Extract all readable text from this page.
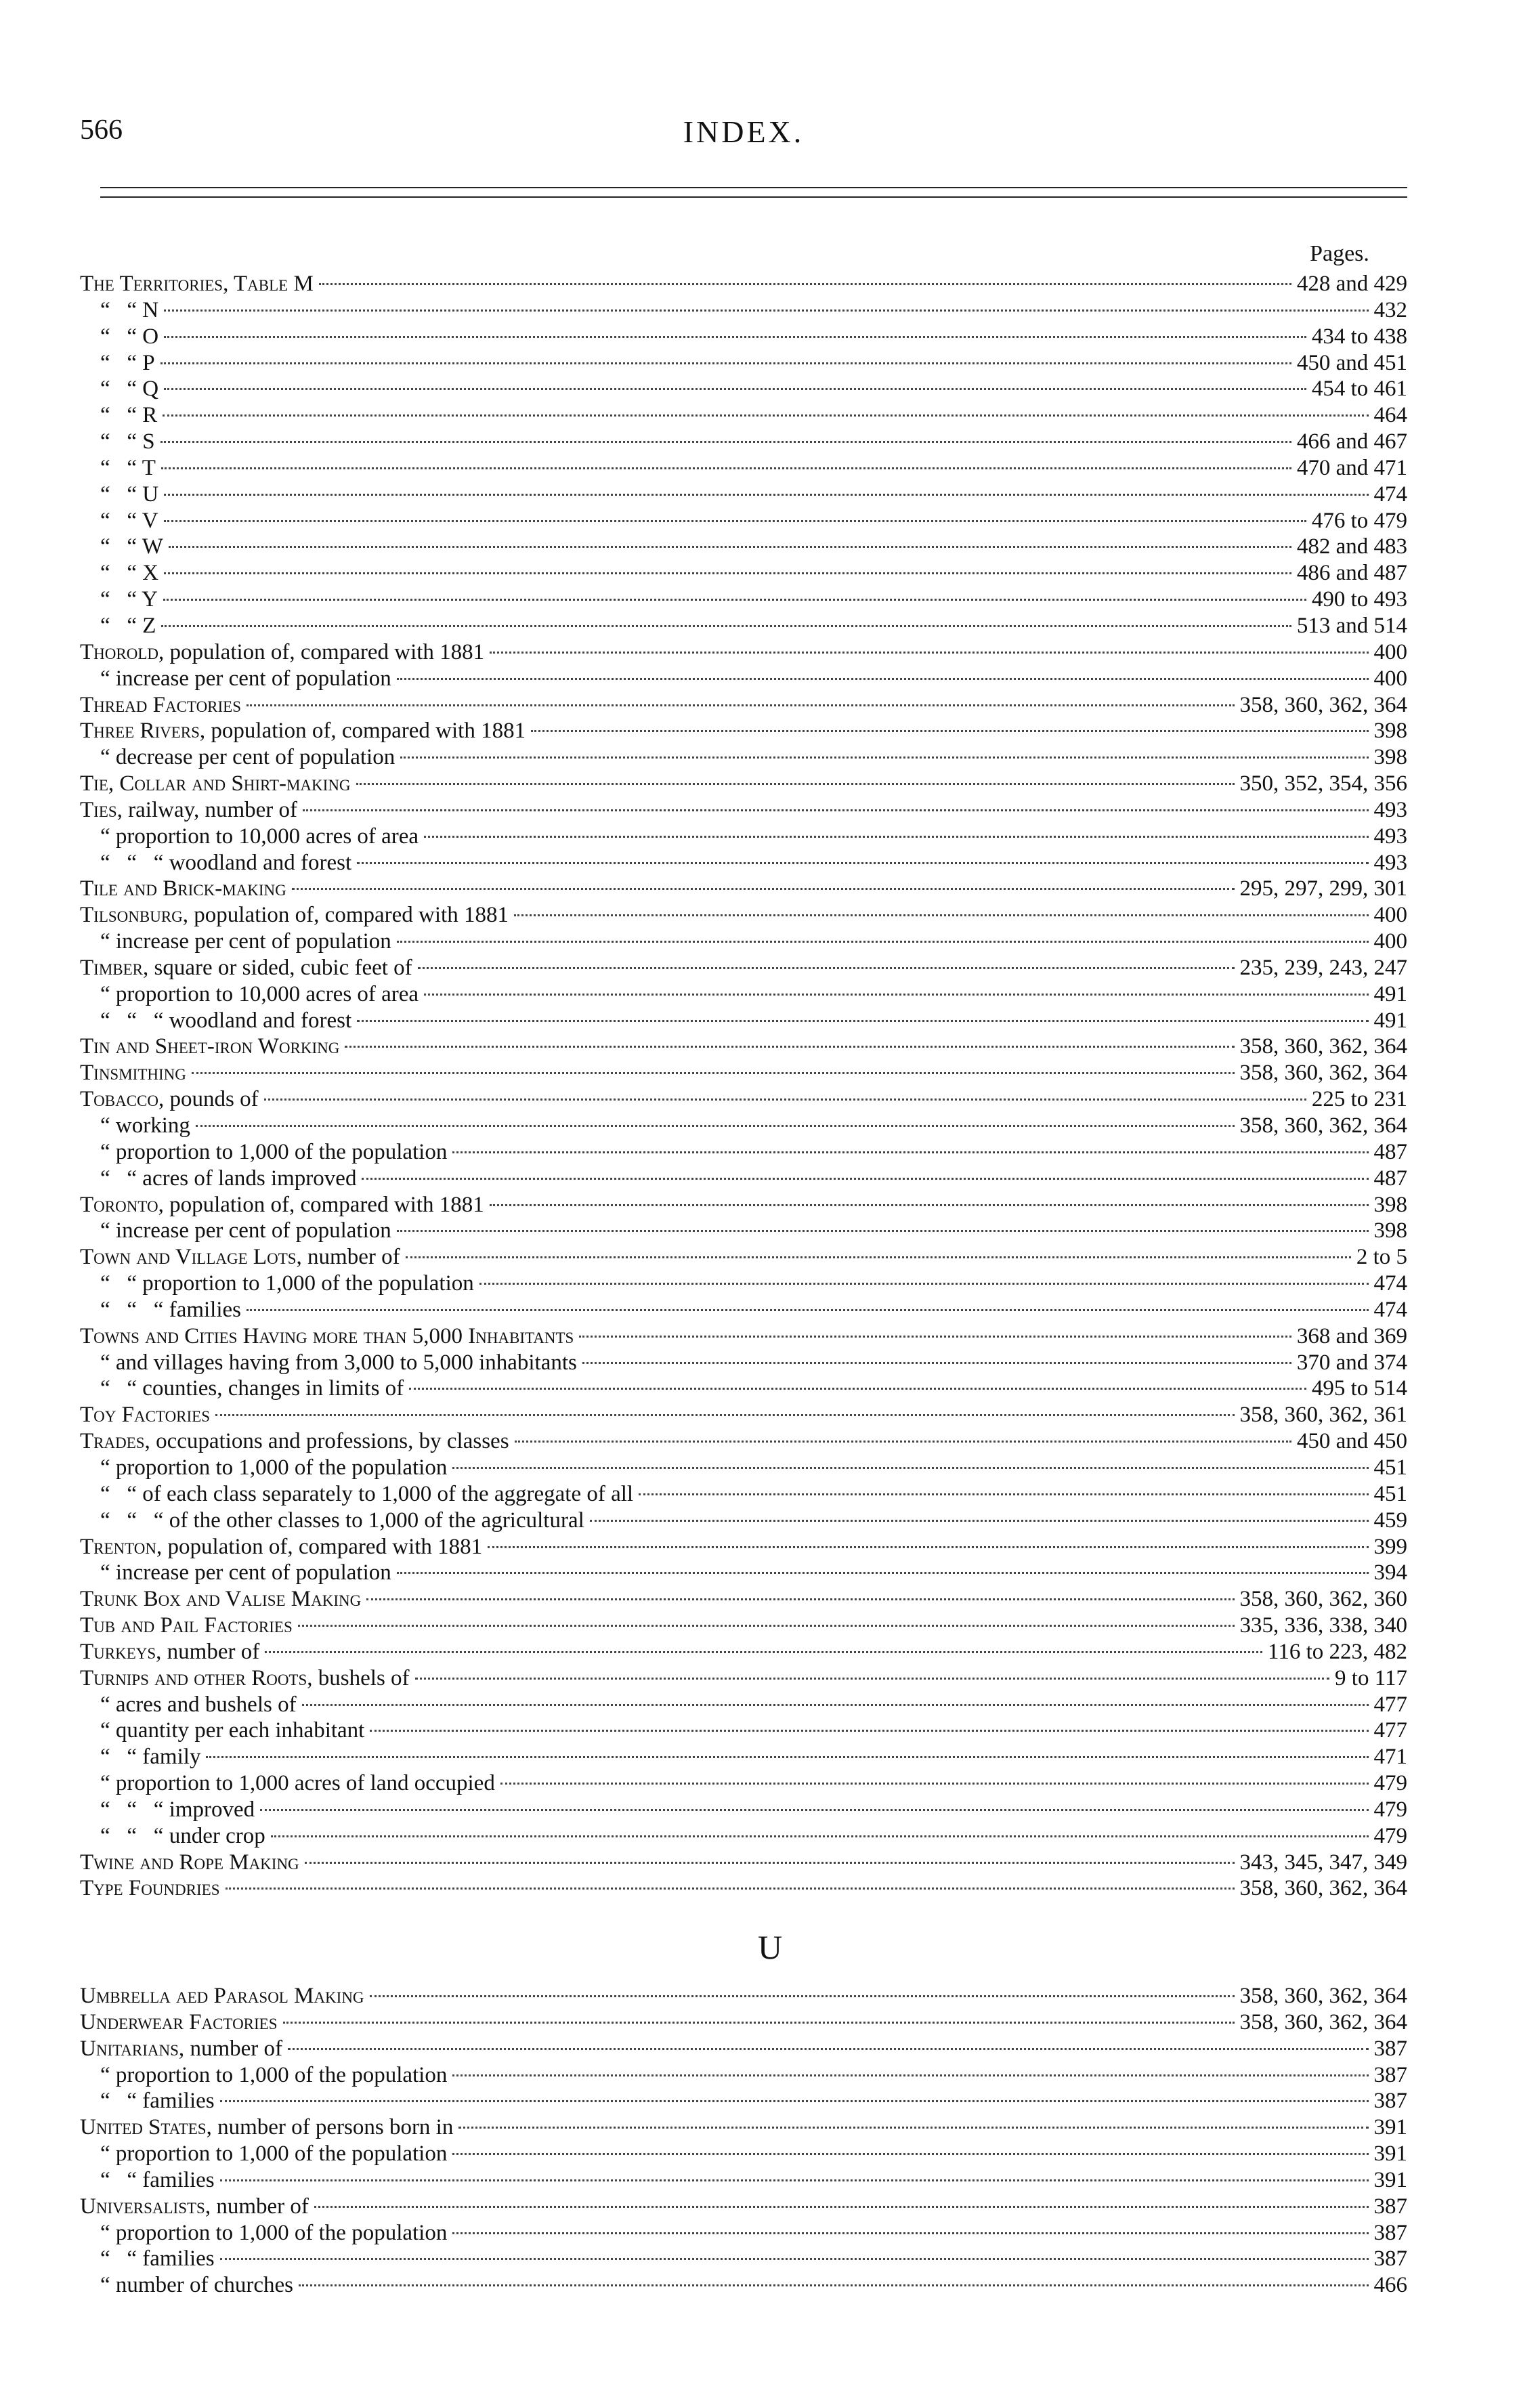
566	INDEX.
Pages.
The Territories, Table M	428 and 429
“   “ N	432
“   “ O	434 to 438
“   “ P	450 and 451
“   “ Q	454 to 461
“   “ R	464
“   “ S	466 and 467
“   “ T	470 and 471
“   “ U	474
“   “ V	476 to 479
“   “ W	482 and 483
“   “ X	486 and 487
“   “ Y	490 to 493
“   “ Z	513 and 514
Thorold, population of, compared with 1881	400
“ increase per cent of population	400
Thread Factories	358, 360, 362, 364
Three Rivers, population of, compared with 1881	398
“ decrease per cent of population	398
Tie, Collar and Shirt-making	350, 352, 354, 356
Ties, railway, number of	493
“ proportion to 10,000 acres of area	493
“   “   “ woodland and forest	493
Tile and Brick-making	295, 297, 299, 301
Tilsonburg, population of, compared with 1881	400
“ increase per cent of population	400
Timber, square or sided, cubic feet of	235, 239, 243, 247
“ proportion to 10,000 acres of area	491
“   “   “ woodland and forest	491
Tin and Sheet-iron Working	358, 360, 362, 364
Tinsmithing	358, 360, 362, 364
Tobacco, pounds of	225 to 231
“ working	358, 360, 362, 364
“ proportion to 1,000 of the population	487
“   “ acres of lands improved	487
Toronto, population of, compared with 1881	398
“ increase per cent of population	398
Town and Village Lots, number of	2 to 5
“   “ proportion to 1,000 of the population	474
“   “   “ families	474
Towns and Cities Having more than 5,000 Inhabitants	368 and 369
“ and villages having from 3,000 to 5,000 inhabitants	370 and 374
“   “ counties, changes in limits of	495 to 514
Toy Factories	358, 360, 362, 361
Trades, occupations and professions, by classes	450 and 450
“ proportion to 1,000 of the population	451
“   “ of each class separately to 1,000 of the aggregate of all	451
“   “   “ of the other classes to 1,000 of the agricultural	459
Trenton, population of, compared with 1881	399
“ increase per cent of population	394
Trunk Box and Valise Making	358, 360, 362, 360
Tub and Pail Factories	335, 336, 338, 340
Turkeys, number of	116 to 223, 482
Turnips and other Roots, bushels of	9 to 117
“ acres and bushels of	477
“ quantity per each inhabitant	477
“   “ family	471
“ proportion to 1,000 acres of land occupied	479
“   “   “ improved	479
“   “   “ under crop	479
Twine and Rope Making	343, 345, 347, 349
Type Foundries	358, 360, 362, 364
U
Umbrella aed Parasol Making	358, 360, 362, 364
Underwear Factories	358, 360, 362, 364
Unitarians, number of	387
“ proportion to 1,000 of the population	387
“   “ families	387
United States, number of persons born in	391
“ proportion to 1,000 of the population	391
“   “ families	391
Universalists, number of	387
“ proportion to 1,000 of the population	387
“   “ families	387
“ number of churches	466
